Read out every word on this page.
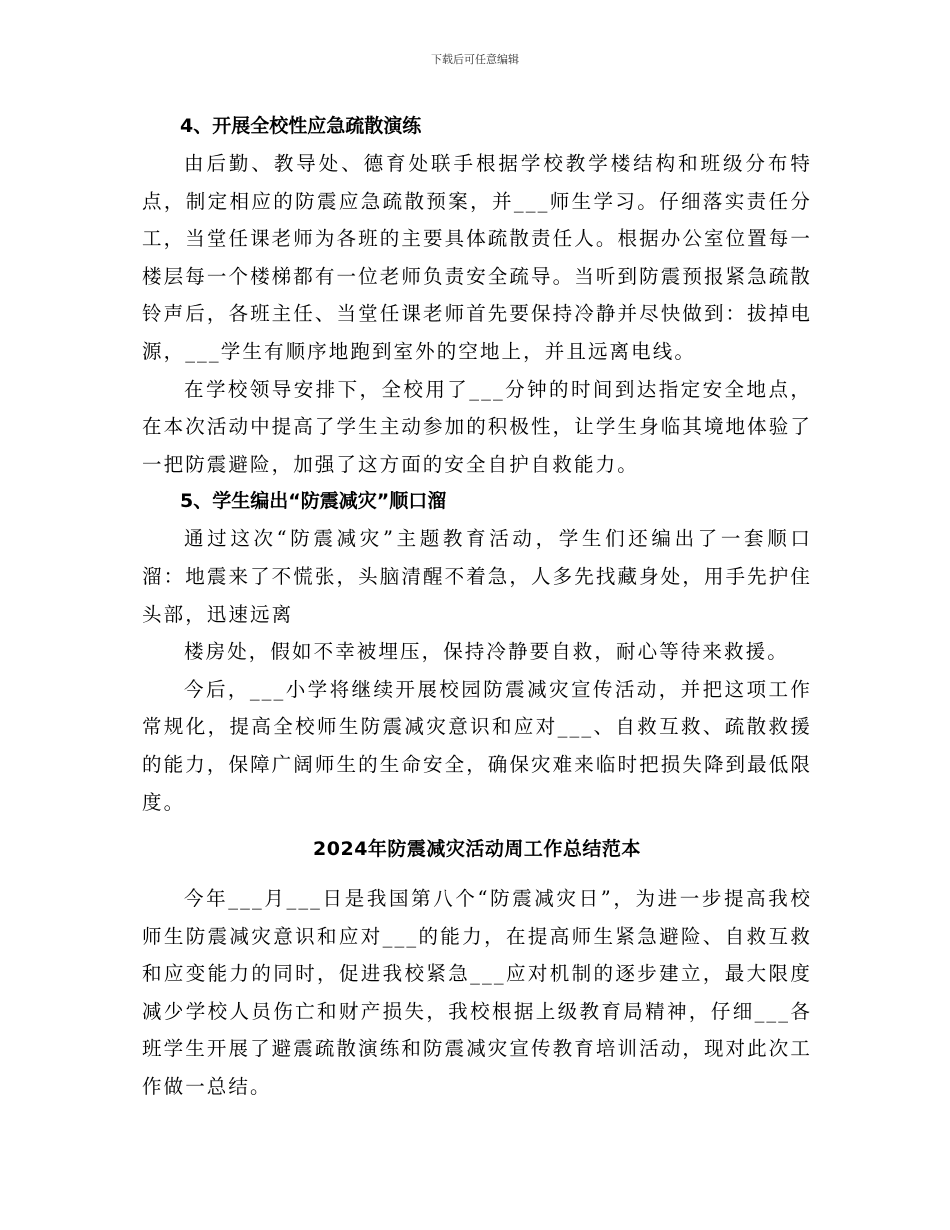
下载后可任意编辑

4、开展全校性应急疏散演练

由后勤、教导处、德育处联手根据学校教学楼结构和班级分布特点，制定相应的防震应急疏散预案，并___师生学习。仔细落实责任分工，当堂任课老师为各班的主要具体疏散责任人。根据办公室位置每一楼层每一个楼梯都有一位老师负责安全疏导。当听到防震预报紧急疏散铃声后，各班主任、当堂任课老师首先要保持冷静并尽快做到：拔掉电源，___学生有顺序地跑到室外的空地上，并且远离电线。

在学校领导安排下，全校用了___分钟的时间到达指定安全地点，在本次活动中提高了学生主动参加的积极性，让学生身临其境地体验了一把防震避险，加强了这方面的安全自护自救能力。

5、学生编出“防震减灾”顺口溜

通过这次“防震减灾”主题教育活动，学生们还编出了一套顺口溜：地震来了不慌张，头脑清醒不着急，人多先找藏身处，用手先护住头部，迅速远离

楼房处，假如不幸被埋压，保持冷静要自救，耐心等待来救援。

今后，___小学将继续开展校园防震减灾宣传活动，并把这项工作常规化，提高全校师生防震减灾意识和应对___、自救互救、疏散救援的能力，保障广阔师生的生命安全，确保灾难来临时把损失降到最低限度。

2024年防震减灾活动周工作总结范本

今年___月___日是我国第八个“防震减灾日”，为进一步提高我校师生防震减灾意识和应对___的能力，在提高师生紧急避险、自救互救和应变能力的同时，促进我校紧急___应对机制的逐步建立，最大限度减少学校人员伤亡和财产损失，我校根据上级教育局精神，仔细___各班学生开展了避震疏散演练和防震减灾宣传教育培训活动，现对此次工作做一总结。
